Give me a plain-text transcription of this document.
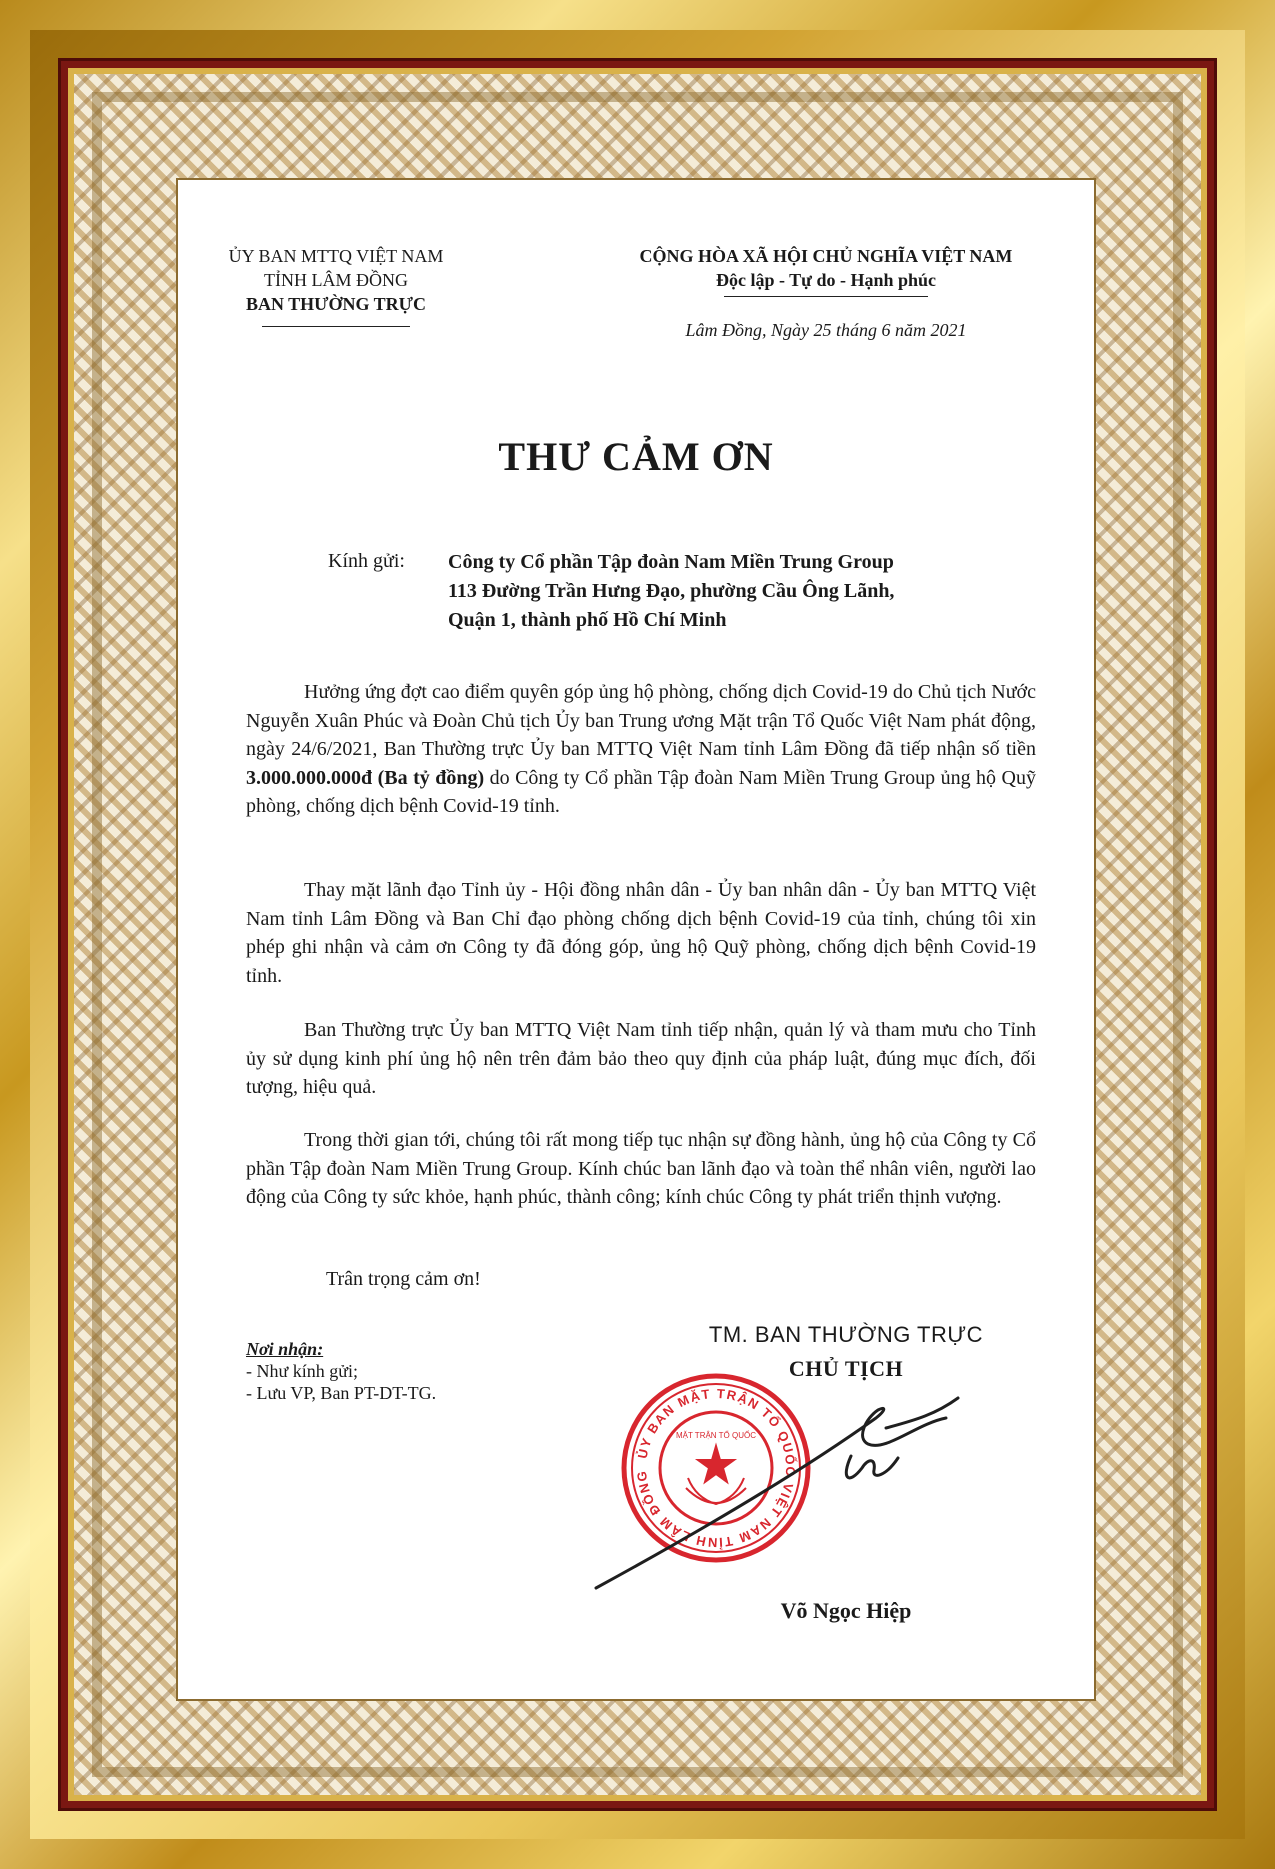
ỦY BAN MTTQ VIỆT NAM
TỈNH LÂM ĐỒNG
BAN THƯỜNG TRỰC
CỘNG HÒA XÃ HỘI CHỦ NGHĨA VIỆT NAM
Độc lập - Tự do - Hạnh phúc
Lâm Đồng, Ngày 25 tháng 6 năm 2021
THƯ CẢM ƠN
Kính gửi: Công ty Cổ phần Tập đoàn Nam Miền Trung Group
113 Đường Trần Hưng Đạo, phường Cầu Ông Lãnh,
Quận 1, thành phố Hồ Chí Minh
Hưởng ứng đợt cao điểm quyên góp ủng hộ phòng, chống dịch Covid-19 do Chủ tịch Nước Nguyễn Xuân Phúc và Đoàn Chủ tịch Ủy ban Trung ương Mặt trận Tổ Quốc Việt Nam phát động, ngày 24/6/2021, Ban Thường trực Ủy ban MTTQ Việt Nam tỉnh Lâm Đồng đã tiếp nhận số tiền 3.000.000.000đ (Ba tỷ đồng) do Công ty Cổ phần Tập đoàn Nam Miền Trung Group ủng hộ Quỹ phòng, chống dịch bệnh Covid-19 tỉnh.
Thay mặt lãnh đạo Tỉnh ủy - Hội đồng nhân dân - Ủy ban nhân dân - Ủy ban MTTQ Việt Nam tỉnh Lâm Đồng và Ban Chỉ đạo phòng chống dịch bệnh Covid-19 của tỉnh, chúng tôi xin phép ghi nhận và cảm ơn Công ty đã đóng góp, ủng hộ Quỹ phòng, chống dịch bệnh Covid-19 tỉnh.
Ban Thường trực Ủy ban MTTQ Việt Nam tỉnh tiếp nhận, quản lý và tham mưu cho Tỉnh ủy sử dụng kinh phí ủng hộ nên trên đảm bảo theo quy định của pháp luật, đúng mục đích, đối tượng, hiệu quả.
Trong thời gian tới, chúng tôi rất mong tiếp tục nhận sự đồng hành, ủng hộ của Công ty Cổ phần Tập đoàn Nam Miền Trung Group. Kính chúc ban lãnh đạo và toàn thể nhân viên, người lao động của Công ty sức khỏe, hạnh phúc, thành công; kính chúc Công ty phát triển thịnh vượng.
Trân trọng cảm ơn!
Nơi nhận:
- Như kính gửi;
- Lưu VP, Ban PT-DT-TG.
TM. BAN THƯỜNG TRỰC
CHỦ TỊCH
ỦY BAN MẶT TRẬN TỔ QUỐC VIỆT NAM TỈNH LÂM ĐỒNG
MẶT TRẬN TỔ QUỐC
Võ Ngọc Hiệp
